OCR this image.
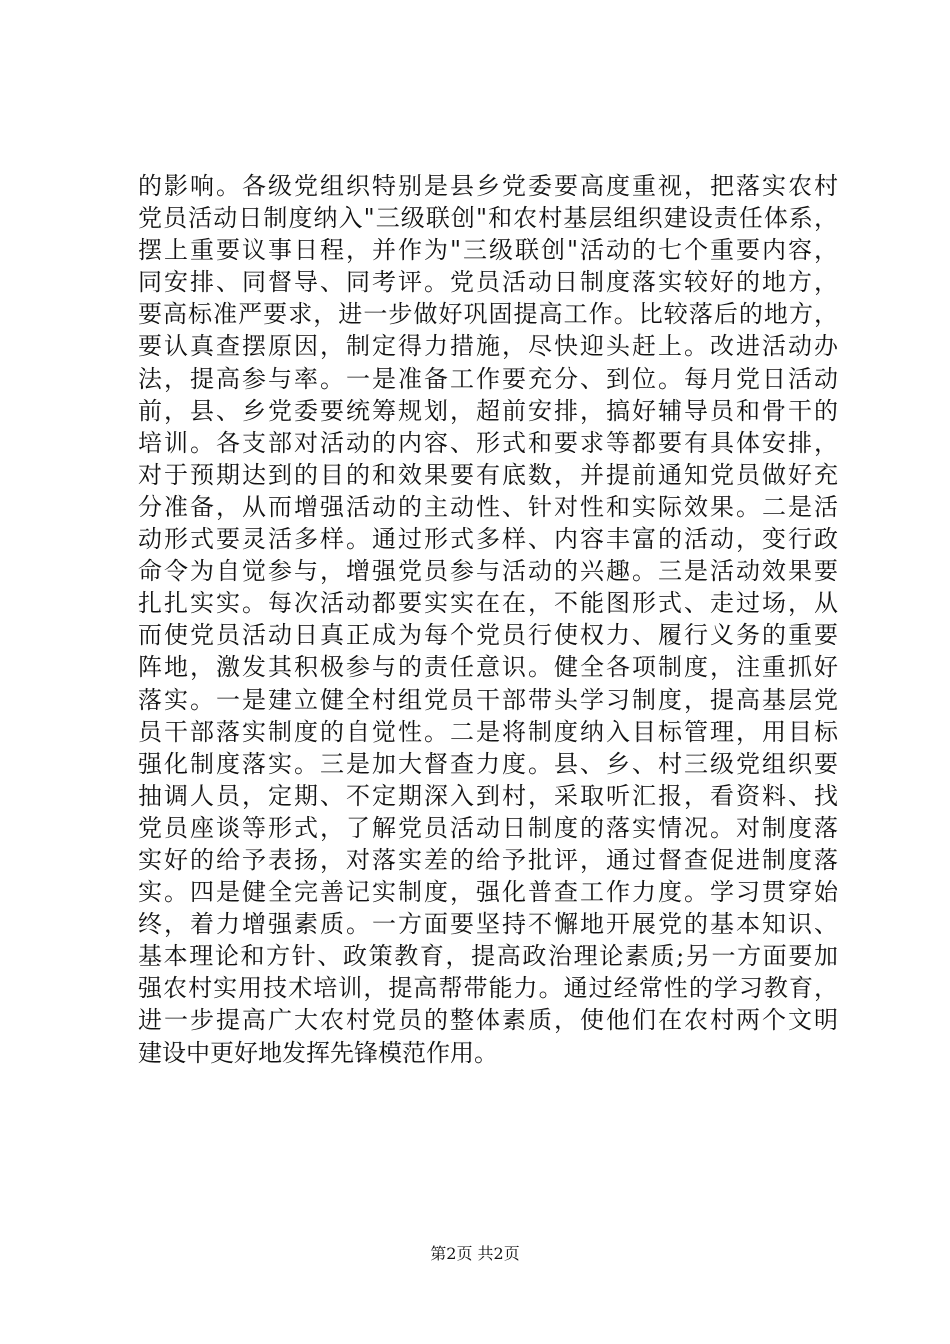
的影响。各级党组织特别是县乡党委要高度重视，把落实农村
党员活动日制度纳入"三级联创"和农村基层组织建设责任体系，
摆上重要议事日程，并作为"三级联创"活动的七个重要内容，
同安排、同督导、同考评。党员活动日制度落实较好的地方，
要高标准严要求，进一步做好巩固提高工作。比较落后的地方，
要认真查摆原因，制定得力措施，尽快迎头赶上。改进活动办
法，提高参与率。一是准备工作要充分、到位。每月党日活动
前，县、乡党委要统筹规划，超前安排，搞好辅导员和骨干的
培训。各支部对活动的内容、形式和要求等都要有具体安排，
对于预期达到的目的和效果要有底数，并提前通知党员做好充
分准备，从而增强活动的主动性、针对性和实际效果。二是活
动形式要灵活多样。通过形式多样、内容丰富的活动，变行政
命令为自觉参与，增强党员参与活动的兴趣。三是活动效果要
扎扎实实。每次活动都要实实在在，不能图形式、走过场，从
而使党员活动日真正成为每个党员行使权力、履行义务的重要
阵地，激发其积极参与的责任意识。健全各项制度，注重抓好
落实。一是建立健全村组党员干部带头学习制度，提高基层党
员干部落实制度的自觉性。二是将制度纳入目标管理，用目标
强化制度落实。三是加大督查力度。县、乡、村三级党组织要
抽调人员，定期、不定期深入到村，采取听汇报，看资料、找
党员座谈等形式，了解党员活动日制度的落实情况。对制度落
实好的给予表扬，对落实差的给予批评，通过督查促进制度落
实。四是健全完善记实制度，强化普查工作力度。学习贯穿始
终，着力增强素质。一方面要坚持不懈地开展党的基本知识、
基本理论和方针、政策教育，提高政治理论素质;另一方面要加
强农村实用技术培训，提高帮带能力。通过经常性的学习教育，
进一步提高广大农村党员的整体素质，使他们在农村两个文明
建设中更好地发挥先锋模范作用。
第2页 共2页
